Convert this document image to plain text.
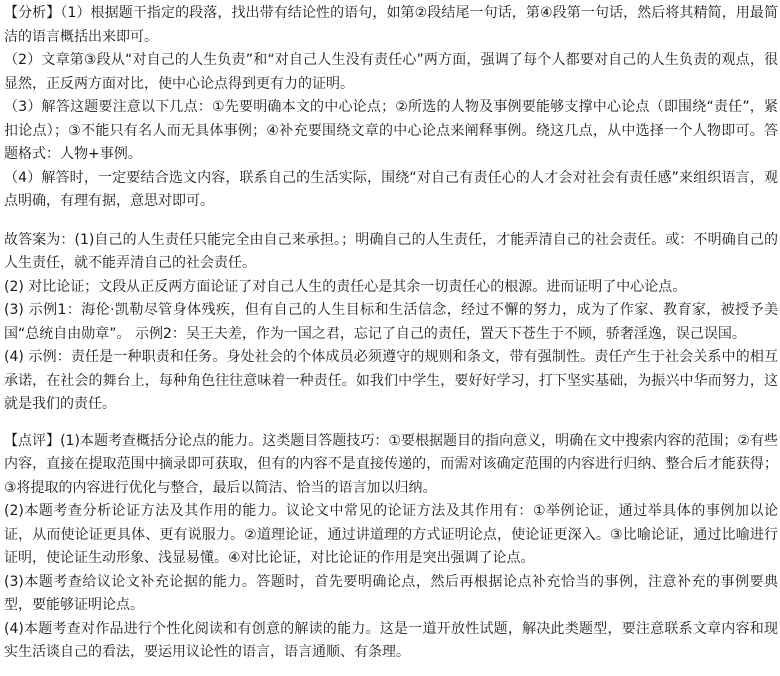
【分析】（1）根据题干指定的段落，找出带有结论性的语句，如第②段结尾一句话，第④段第一句话，然后将其精简，用最简洁的语言概括出来即可。

（2）文章第③段从“对自己的人生负责”和“对自己人生没有责任心”两方面，强调了每个人都要对自己的人生负责的观点，很显然，正反两方面对比，使中心论点得到更有力的证明。

（3）解答这题要注意以下几点：①先要明确本文的中心论点；②所选的人物及事例要能够支撑中心论点（即围绕“责任”，紧扣论点）；③不能只有名人而无具体事例；④补充要围绕文章的中心论点来阐释事例。绕这几点，从中选择一个人物即可。答题格式：人物+事例。

（4）解答时，一定要结合选文内容，联系自己的生活实际，围绕“对自己有责任心的人才会对社会有责任感”来组织语言，观点明确，有理有据，意思对即可。

故答案为：(1)自己的人生责任只能完全由自己来承担。；明确自己的人生责任，才能弄清自己的社会责任。或：不明确自己的人生责任，就不能弄清自己的社会责任。

(2) 对比论证；文段从正反两方面论证了对自己人生的责任心是其余一切责任心的根源。进而证明了中心论点。

(3) 示例1：海伦·凯勒尽管身体残疾，但有自己的人生目标和生活信念，经过不懈的努力，成为了作家、教育家，被授予美国“总统自由勋章”。 示例2：吴王夫差，作为一国之君，忘记了自己的责任，置天下苍生于不顾，骄奢淫逸，误己误国。

(4) 示例：责任是一种职责和任务。身处社会的个体成员必须遵守的规则和条文，带有强制性。责任产生于社会关系中的相互承诺，在社会的舞台上，每种角色往往意味着一种责任。如我们中学生，要好好学习，打下坚实基础，为振兴中华而努力，这就是我们的责任。

【点评】(1)本题考查概括分论点的能力。这类题目答题技巧：①要根据题目的指向意义，明确在文中搜索内容的范围；②有些内容，直接在提取范围中摘录即可获取，但有的内容不是直接传递的，而需对该确定范围的内容进行归纳、整合后才能获得；③将提取的内容进行优化与整合，最后以简洁、恰当的语言加以归纳。

(2)本题考查分析论证方法及其作用的能力。议论文中常见的论证方法及其作用有：①举例论证，通过举具体的事例加以论证，从而使论证更具体、更有说服力。②道理论证，通过讲道理的方式证明论点，使论证更深入。③比喻论证，通过比喻进行证明，使论证生动形象、浅显易懂。④对比论证，对比论证的作用是突出强调了论点。

(3)本题考查给议论文补充论据的能力。答题时，首先要明确论点，然后再根据论点补充恰当的事例，注意补充的事例要典型，要能够证明论点。

(4)本题考查对作品进行个性化阅读和有创意的解读的能力。这是一道开放性试题，解决此类题型，要注意联系文章内容和现实生活谈自己的看法，要运用议论性的语言，语言通顺、有条理。
